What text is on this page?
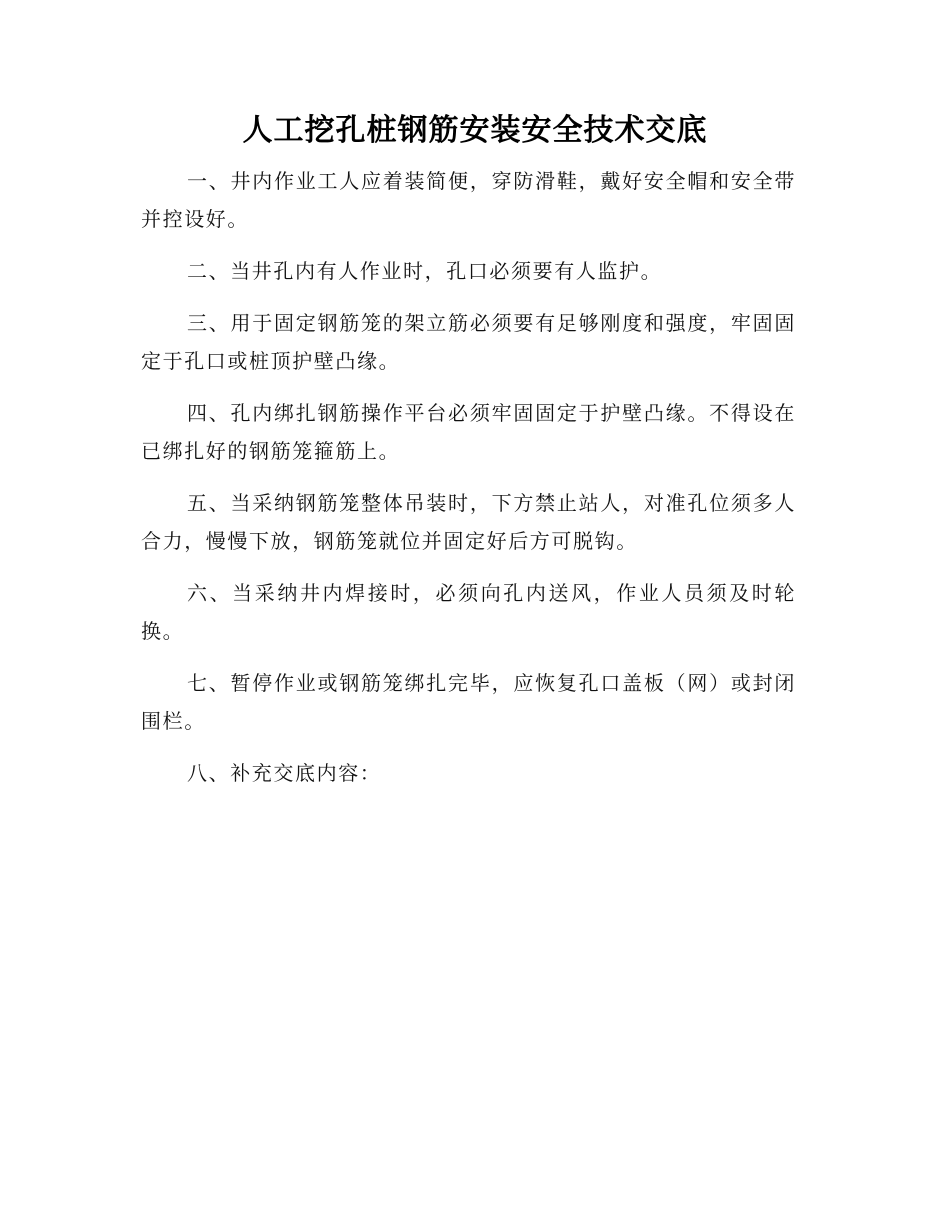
人工挖孔桩钢筋安装安全技术交底

一、井内作业工人应着装简便，穿防滑鞋，戴好安全帽和安全带并控设好。

二、当井孔内有人作业时，孔口必须要有人监护。

三、用于固定钢筋笼的架立筋必须要有足够刚度和强度，牢固固定于孔口或桩顶护壁凸缘。

四、孔内绑扎钢筋操作平台必须牢固固定于护壁凸缘。不得设在已绑扎好的钢筋笼箍筋上。

五、当采纳钢筋笼整体吊装时，下方禁止站人，对准孔位须多人合力，慢慢下放，钢筋笼就位并固定好后方可脱钩。

六、当采纳井内焊接时，必须向孔内送风，作业人员须及时轮换。

七、暂停作业或钢筋笼绑扎完毕，应恢复孔口盖板（网）或封闭围栏。

八、补充交底内容：
